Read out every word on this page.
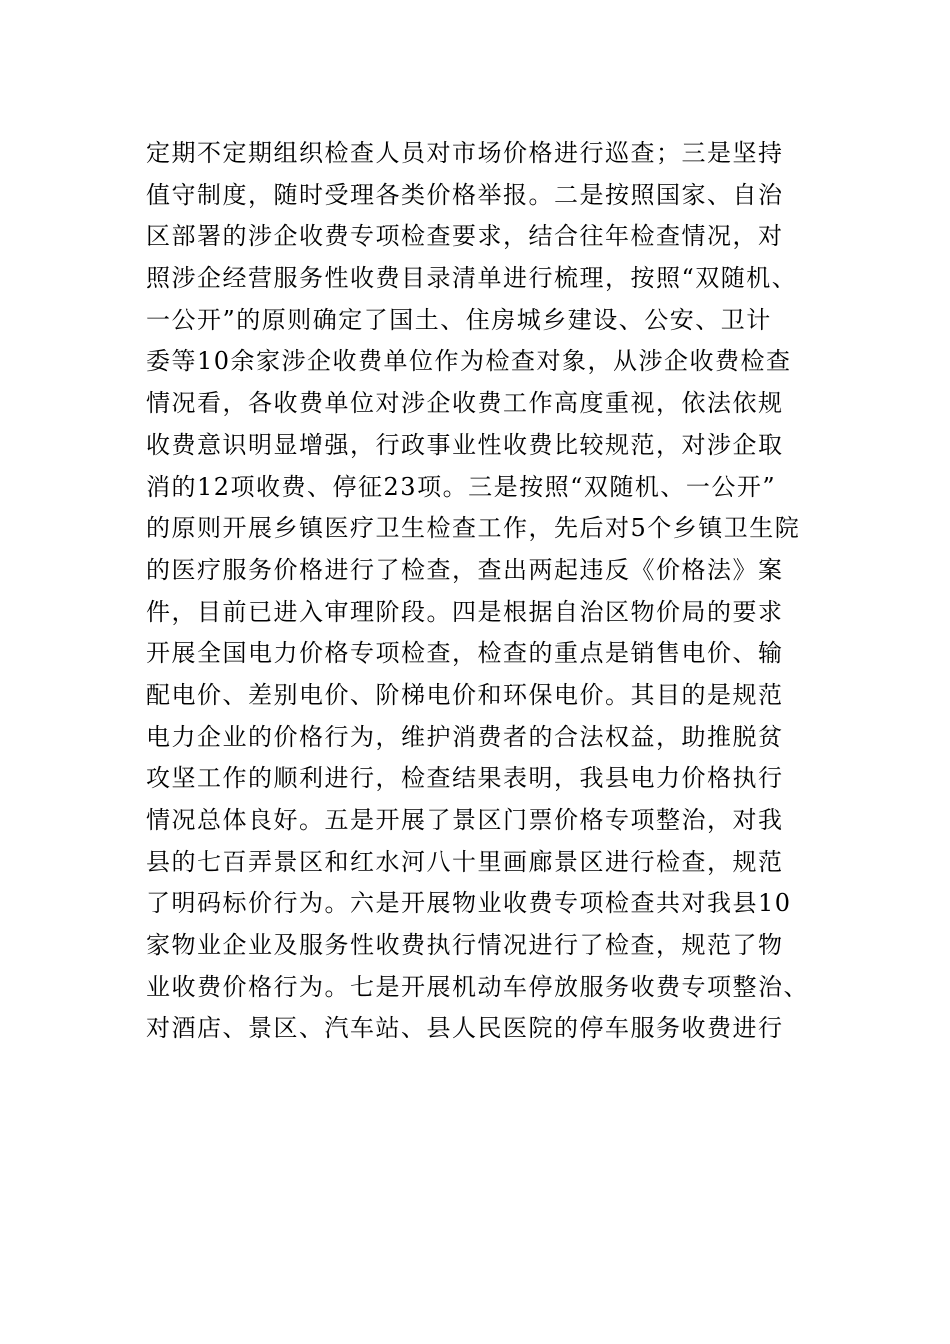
定期不定期组织检查人员对市场价格进行巡查；三是坚持
值守制度，随时受理各类价格举报。二是按照国家、自治
区部署的涉企收费专项检查要求，结合往年检查情况，对
照涉企经营服务性收费目录清单进行梳理，按照“双随机、
一公开”的原则确定了国土、住房城乡建设、公安、卫计
委等10余家涉企收费单位作为检查对象，从涉企收费检查
情况看，各收费单位对涉企收费工作高度重视，依法依规
收费意识明显增强，行政事业性收费比较规范，对涉企取
消的12项收费、停征23项。三是按照“双随机、一公开”
的原则开展乡镇医疗卫生检查工作，先后对5个乡镇卫生院
的医疗服务价格进行了检查，查出两起违反《价格法》案
件，目前已进入审理阶段。四是根据自治区物价局的要求
开展全国电力价格专项检查，检查的重点是销售电价、输
配电价、差别电价、阶梯电价和环保电价。其目的是规范
电力企业的价格行为，维护消费者的合法权益，助推脱贫
攻坚工作的顺利进行，检查结果表明，我县电力价格执行
情况总体良好。五是开展了景区门票价格专项整治，对我
县的七百弄景区和红水河八十里画廊景区进行检查，规范
了明码标价行为。六是开展物业收费专项检查共对我县10
家物业企业及服务性收费执行情况进行了检查，规范了物
业收费价格行为。七是开展机动车停放服务收费专项整治、
对酒店、景区、汽车站、县人民医院的停车服务收费进行
